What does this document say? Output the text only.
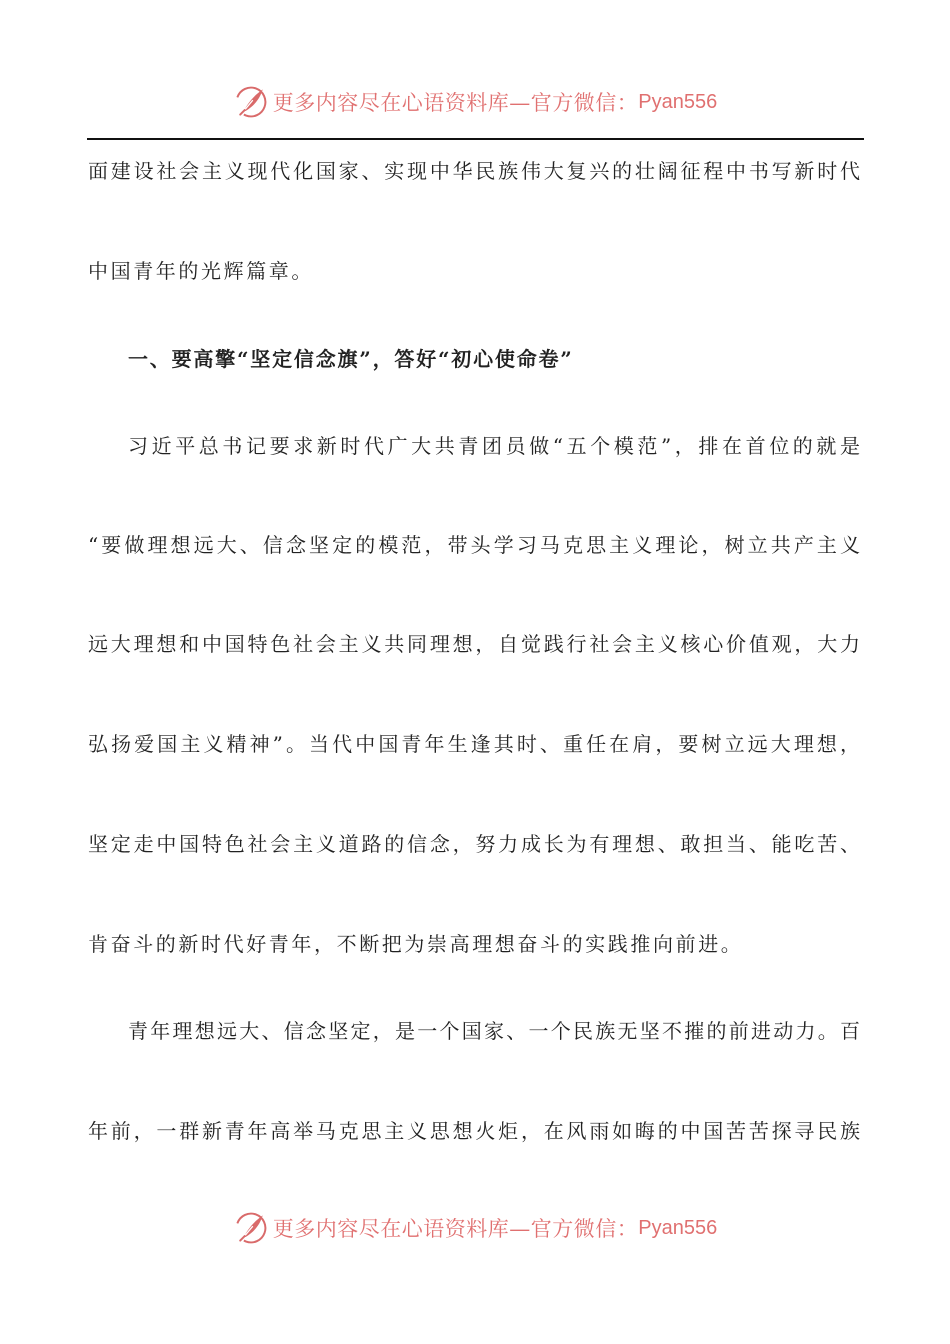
更多内容尽在心语资料库—官方微信： Pyan556
面建设社会主义现代化国家、实现中华民族伟大复兴的壮阔征程中书写新时代
中国青年的光辉篇章。
一、要高擎“坚定信念旗”，答好“初心使命卷”
习近平总书记要求新时代广大共青团员做“五个模范”，排在首位的就是
“要做理想远大、信念坚定的模范，带头学习马克思主义理论，树立共产主义
远大理想和中国特色社会主义共同理想，自觉践行社会主义核心价值观，大力
弘扬爱国主义精神”。当代中国青年生逢其时、重任在肩，要树立远大理想，
坚定走中国特色社会主义道路的信念，努力成长为有理想、敢担当、能吃苦、
肯奋斗的新时代好青年，不断把为崇高理想奋斗的实践推向前进。
青年理想远大、信念坚定，是一个国家、一个民族无坚不摧的前进动力。百
年前，一群新青年高举马克思主义思想火炬，在风雨如晦的中国苦苦探寻民族
更多内容尽在心语资料库—官方微信： Pyan556
